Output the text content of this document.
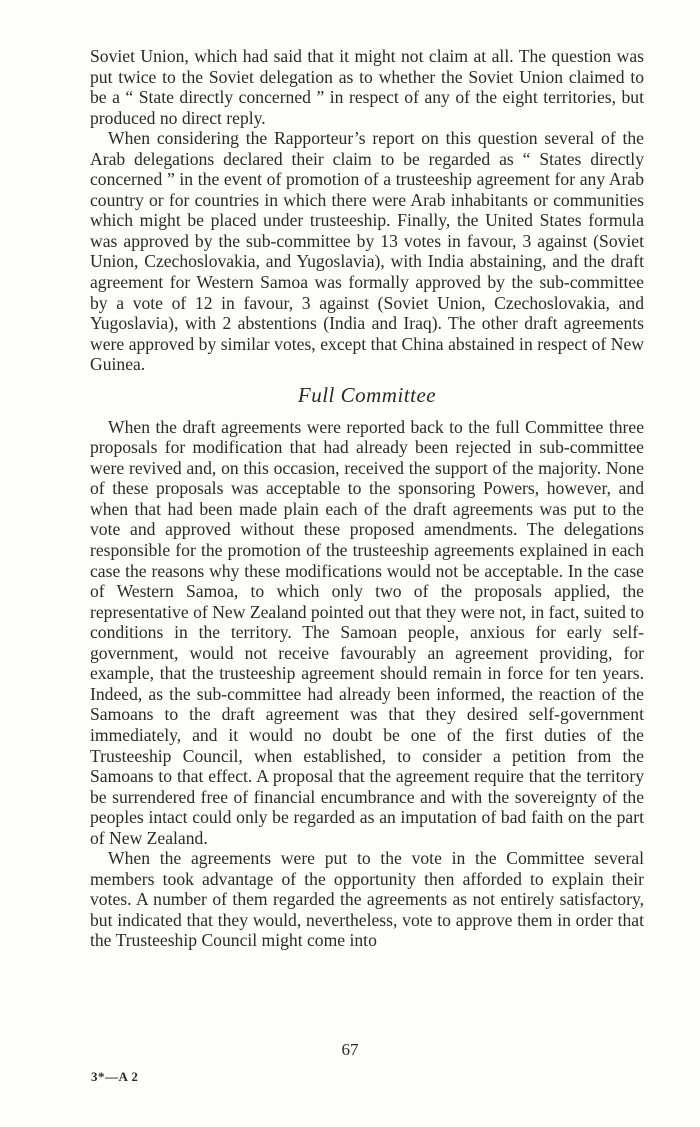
Soviet Union, which had said that it might not claim at all. The question was put twice to the Soviet delegation as to whether the Soviet Union claimed to be a “ State directly concerned ” in respect of any of the eight territories, but produced no direct reply.

When considering the Rapporteur’s report on this question several of the Arab delegations declared their claim to be regarded as “ States directly concerned ” in the event of promotion of a trusteeship agreement for any Arab country or for countries in which there were Arab inhabitants or communities which might be placed under trusteeship. Finally, the United States formula was approved by the sub-committee by 13 votes in favour, 3 against (Soviet Union, Czechoslovakia, and Yugoslavia), with India abstaining, and the draft agreement for Western Samoa was formally approved by the sub-committee by a vote of 12 in favour, 3 against (Soviet Union, Czechoslovakia, and Yugoslavia), with 2 abstentions (India and Iraq). The other draft agreements were approved by similar votes, except that China abstained in respect of New Guinea.

Full Committee

When the draft agreements were reported back to the full Committee three proposals for modification that had already been rejected in sub-committee were revived and, on this occasion, received the support of the majority. None of these proposals was acceptable to the sponsoring Powers, however, and when that had been made plain each of the draft agreements was put to the vote and approved without these proposed amendments. The delegations responsible for the promotion of the trusteeship agreements explained in each case the reasons why these modifications would not be acceptable. In the case of Western Samoa, to which only two of the proposals applied, the representative of New Zealand pointed out that they were not, in fact, suited to conditions in the territory. The Samoan people, anxious for early self-government, would not receive favourably an agreement providing, for example, that the trusteeship agreement should remain in force for ten years. Indeed, as the sub-committee had already been informed, the reaction of the Samoans to the draft agreement was that they desired self-government immediately, and it would no doubt be one of the first duties of the Trusteeship Council, when established, to consider a petition from the Samoans to that effect. A proposal that the agreement require that the territory be surrendered free of financial encumbrance and with the sovereignty of the peoples intact could only be regarded as an imputation of bad faith on the part of New Zealand.

When the agreements were put to the vote in the Committee several members took advantage of the opportunity then afforded to explain their votes. A number of them regarded the agreements as not entirely satisfactory, but indicated that they would, nevertheless, vote to approve them in order that the Trusteeship Council might come into

67
3*—A 2
